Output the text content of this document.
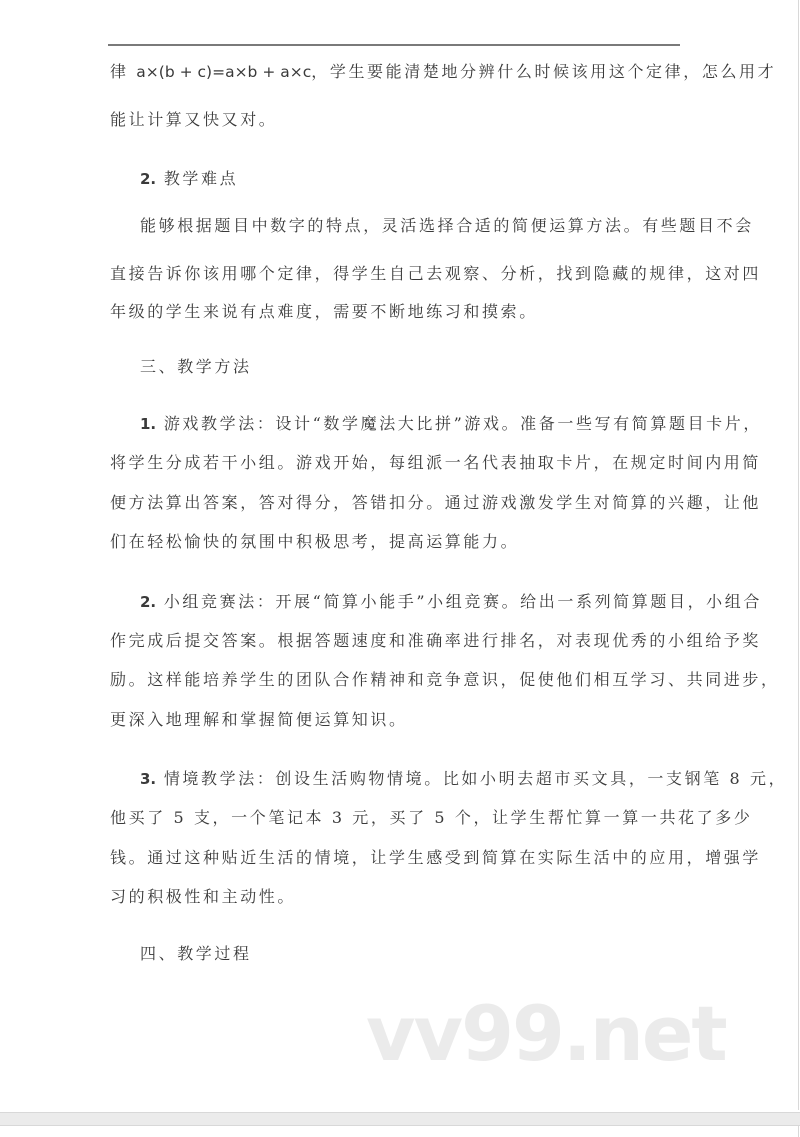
律 a×(b + c)=a×b + a×c，学生要能清楚地分辨什么时候该用这个定律，怎么用才
能让计算又快又对。
2. 教学难点
能够根据题目中数字的特点，灵活选择合适的简便运算方法。有些题目不会
直接告诉你该用哪个定律，得学生自己去观察、分析，找到隐藏的规律，这对四
年级的学生来说有点难度，需要不断地练习和摸索。
三、教学方法
1. 游戏教学法：设计“数学魔法大比拼”游戏。准备一些写有简算题目卡片，
将学生分成若干小组。游戏开始，每组派一名代表抽取卡片，在规定时间内用简
便方法算出答案，答对得分，答错扣分。通过游戏激发学生对简算的兴趣，让他
们在轻松愉快的氛围中积极思考，提高运算能力。
2. 小组竞赛法：开展“简算小能手”小组竞赛。给出一系列简算题目，小组合
作完成后提交答案。根据答题速度和准确率进行排名，对表现优秀的小组给予奖
励。这样能培养学生的团队合作精神和竞争意识，促使他们相互学习、共同进步，
更深入地理解和掌握简便运算知识。
3. 情境教学法：创设生活购物情境。比如小明去超市买文具，一支钢笔 8 元，
他买了 5 支，一个笔记本 3 元，买了 5 个，让学生帮忙算一算一共花了多少
钱。通过这种贴近生活的情境，让学生感受到简算在实际生活中的应用，增强学
习的积极性和主动性。
四、教学过程
vv99.net
